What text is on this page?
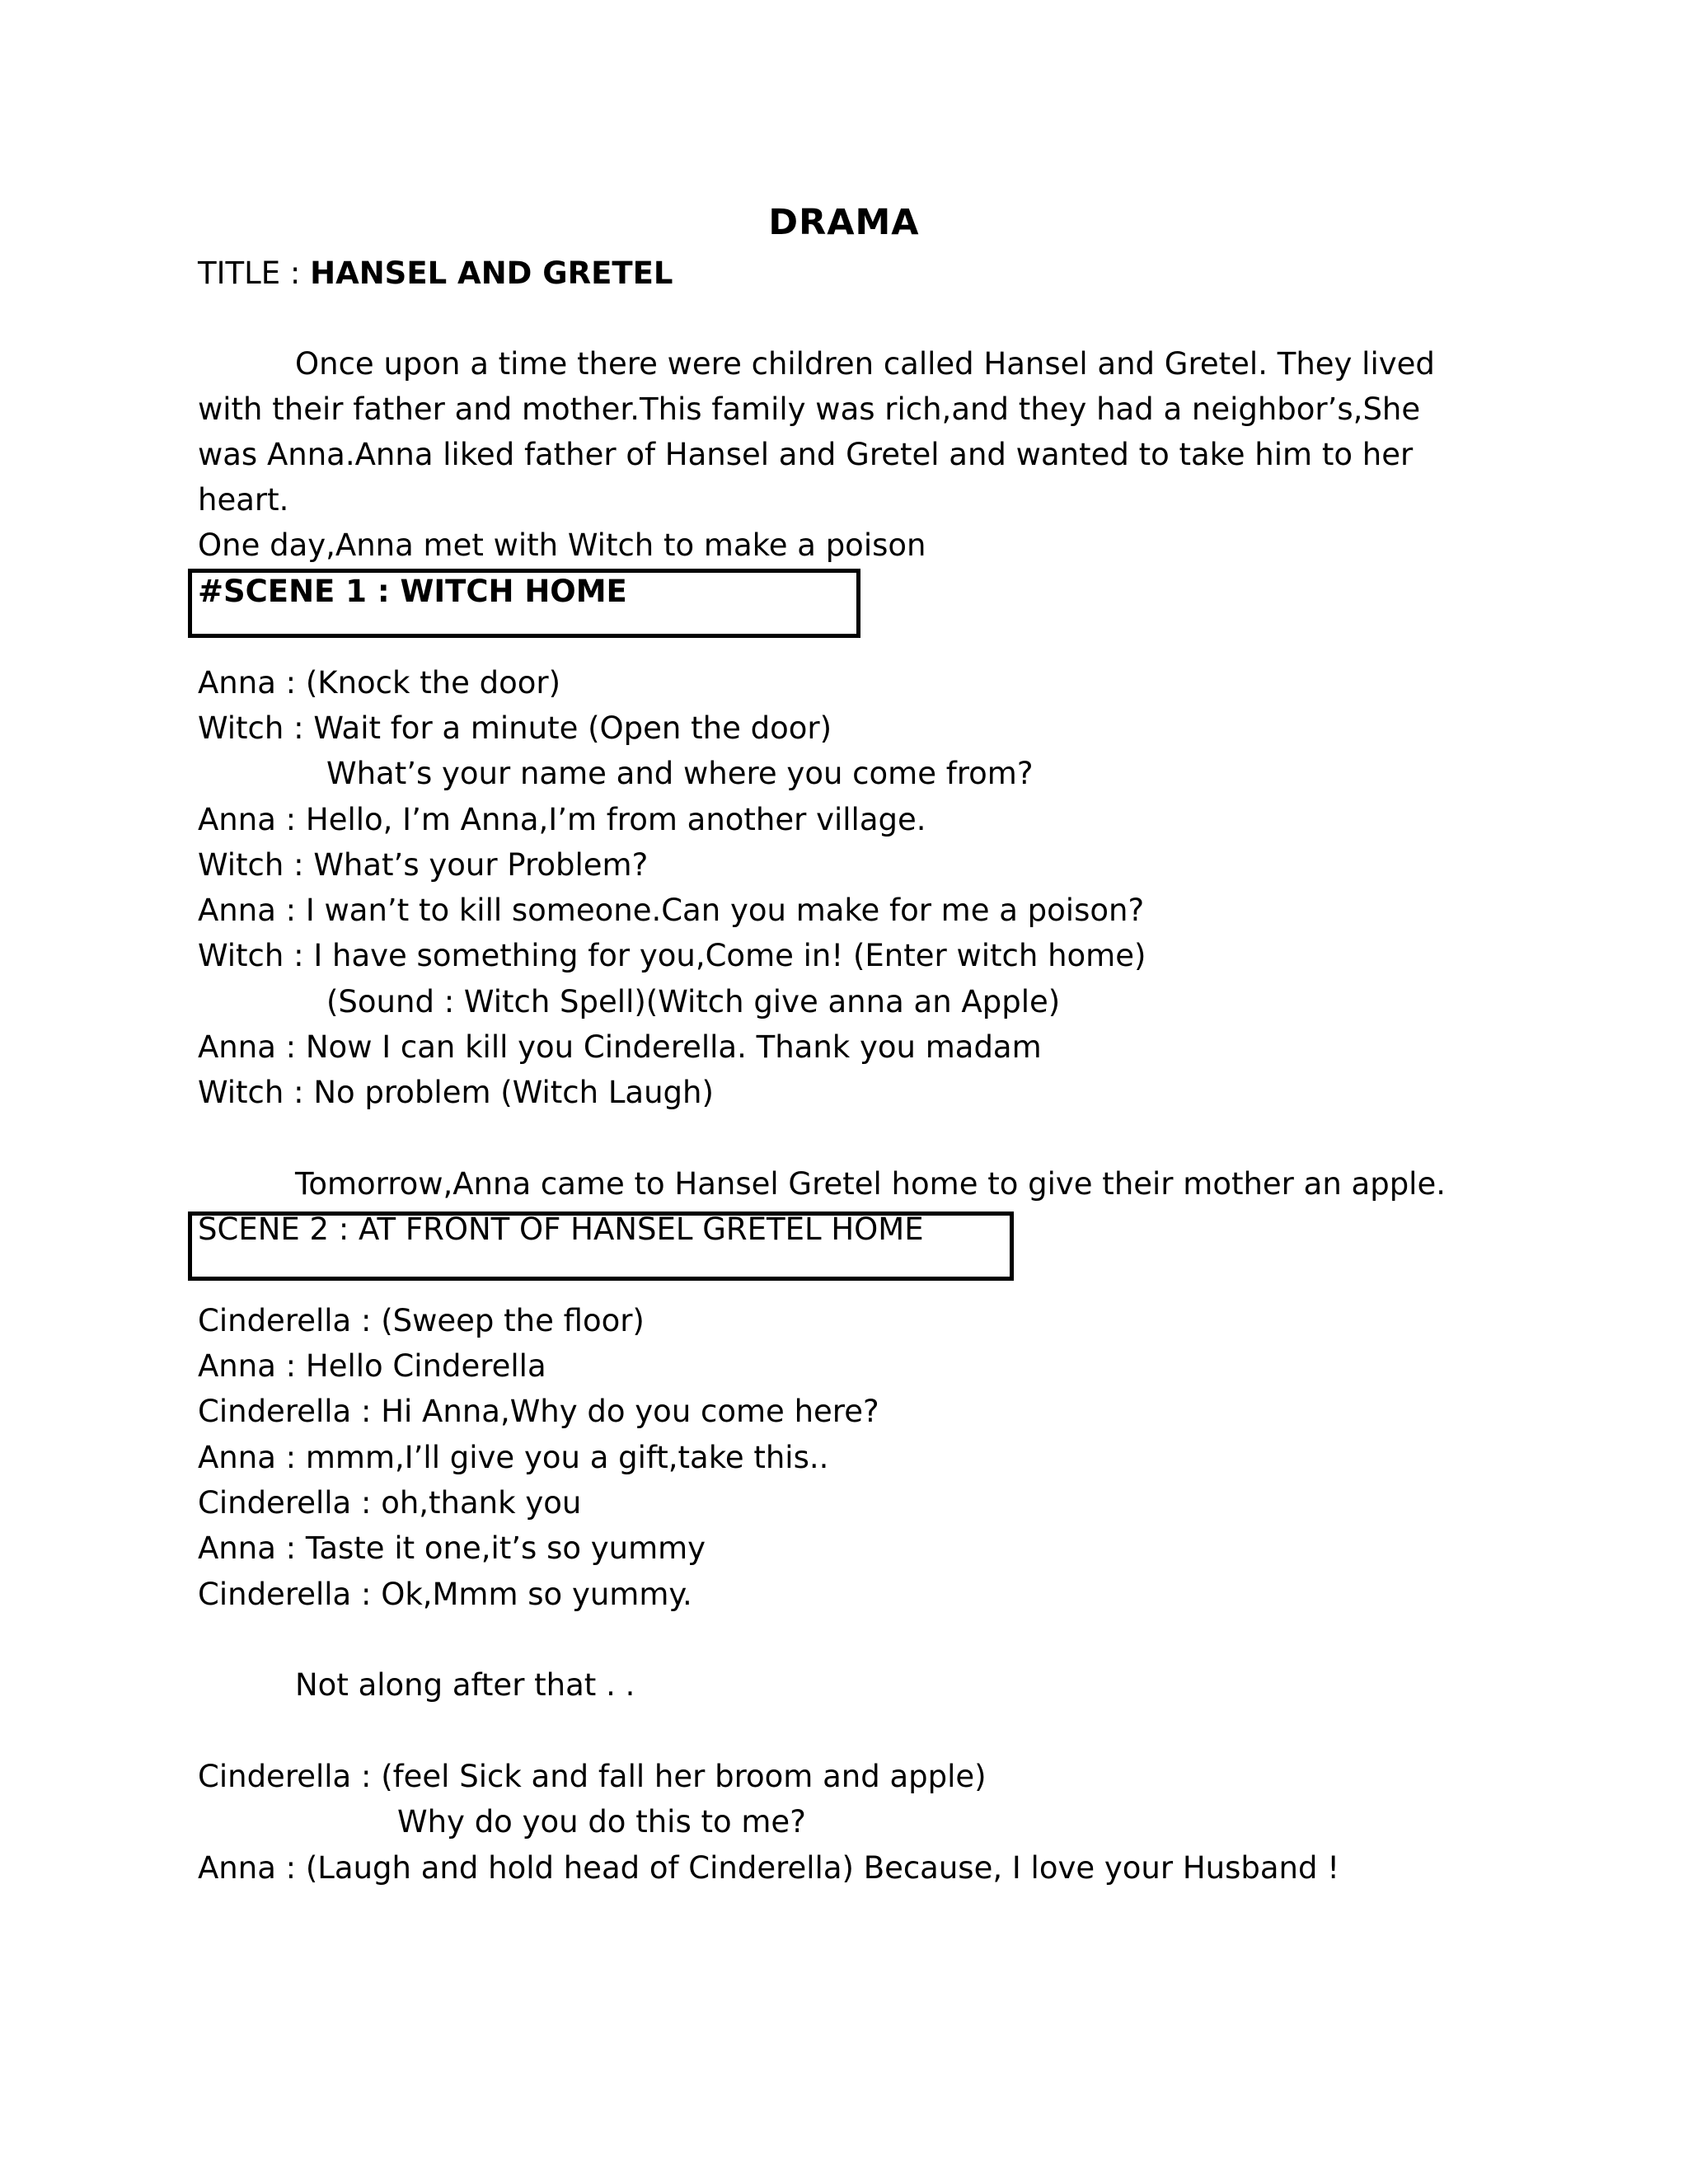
DRAMA

TITLE : HANSEL AND GRETEL

Once upon a time there were children called Hansel and Gretel. They lived

with their father and mother.This family was rich,and they had a neighbor’s,She

was Anna.Anna liked father of Hansel and Gretel and wanted to take him to her

heart.

One day,Anna met with Witch to make a poison

#SCENE 1 : WITCH HOME

Anna : (Knock the door)

Witch : Wait for a minute (Open the door)

What’s your name and where you come from?

Anna : Hello, I’m Anna,I’m from another village.

Witch : What’s your Problem?

Anna : I wan’t to kill someone.Can you make for me a poison?

Witch : I have something for you,Come in! (Enter witch home)

(Sound : Witch Spell)(Witch give anna an Apple)

Anna : Now I can kill you Cinderella. Thank you madam

Witch : No problem (Witch Laugh)

Tomorrow,Anna came to Hansel Gretel home to give their mother an apple.

SCENE 2 : AT FRONT OF HANSEL GRETEL HOME

Cinderella : (Sweep the floor)

Anna : Hello Cinderella

Cinderella : Hi Anna,Why do you come here?

Anna : mmm,I’ll give you a gift,take this..

Cinderella : oh,thank you

Anna : Taste it one,it’s so yummy

Cinderella : Ok,Mmm so yummy.

Not along after that . .

Cinderella : (feel Sick and fall her broom and apple)

Why do you do this to me?

Anna : (Laugh and hold head of Cinderella) Because, I love your Husband !
